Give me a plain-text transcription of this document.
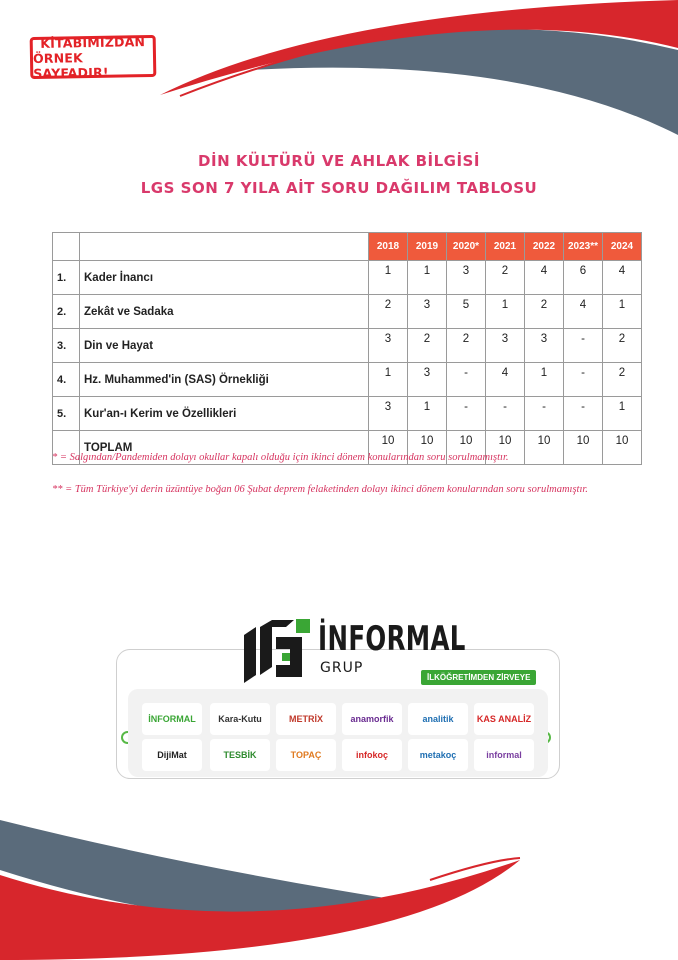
KİTABIMIZDAN
ÖRNEK SAYFADIR!
DİN KÜLTÜRÜ VE AHLAK BİLGİSİ
LGS SON 7 YILA AİT SORU DAĞILIM TABLOSU
		2018	2019	2020*	2021	2022	2023**	2024
1.	Kader İnancı	1	1	3	2	4	6	4
2.	Zekât ve Sadaka	2	3	5	1	2	4	1
3.	Din ve Hayat	3	2	2	3	3	-	2
4.	Hz. Muhammed'in (SAS) Örnekliği	1	3	-	4	1	-	2
5.	Kur'an-ı Kerim ve Özellikleri	3	1	-	-	-	-	1
	TOPLAM	10	10	10	10	10	10	10
* = Salgından/Pandemiden dolayı okullar kapalı olduğu için ikinci dönem konularından soru sorulmamıştır.
** = Tüm Türkiye'yi derin üzüntüye boğan 06 Şubat deprem felaketinden dolayı ikinci dönem konularından soru sorulmamıştır.
İNFORMAL
GRUP
İLKÖĞRETİMDEN ZİRVEYE
İNFORMAL Kara-Kutu	METRİX	anamorfik	analitik	KAS ANALİZ
DijiMat	TESBİK	TOPAÇ	infokoç	metakoç	informal
